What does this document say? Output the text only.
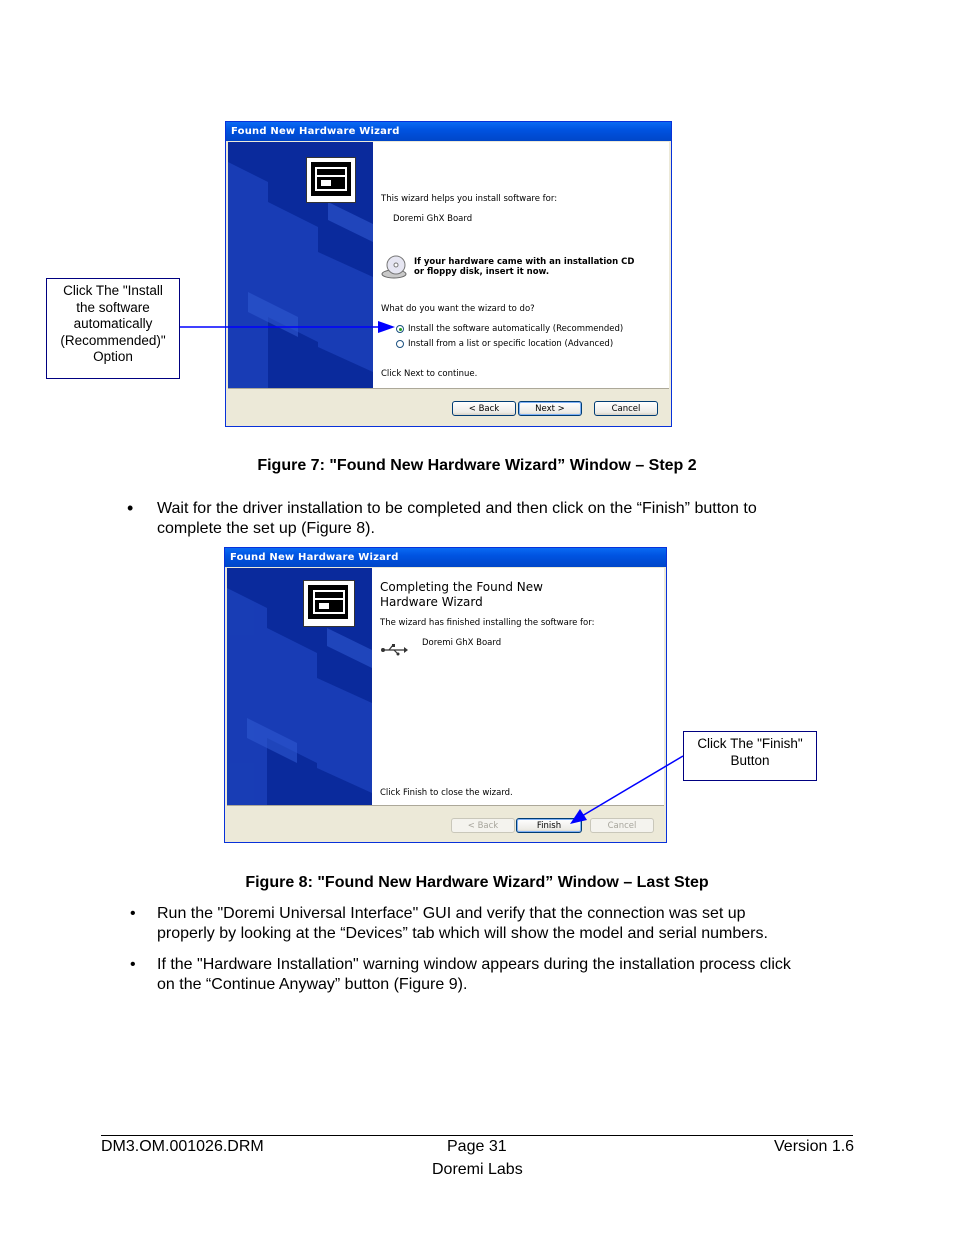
Found New Hardware Wizard
This wizard helps you install software for:
Doremi GhX Board
If your hardware came with an installation CD
or floppy disk, insert it now.
What do you want the wizard to do?
Install the software automatically (Recommended)
Install from a list or specific location (Advanced)
Click Next to continue.
< Back	Next >	Cancel
Click The "Install
the software
automatically
(Recommended)"
Option
Figure 7: "Found New Hardware Wizard” Window – Step 2
• Wait for the driver installation to be completed and then click on the “Finish” button to
complete the set up (Figure 8).
Found New Hardware Wizard
Completing the Found New
Hardware Wizard
The wizard has finished installing the software for:
Doremi GhX Board
Click Finish to close the wizard.
< Back	Finish	Cancel
Click The "Finish"
Button
Figure 8: "Found New Hardware Wizard” Window – Last Step
• Run the "Doremi Universal Interface" GUI and verify that the connection was set up
properly by looking at the “Devices” tab which will show the model and serial numbers.
• If the "Hardware Installation" warning window appears during the installation process click
on the “Continue Anyway” button (Figure 9).
DM3.OM.001026.DRM	Page 31	Version 1.6
Doremi Labs
